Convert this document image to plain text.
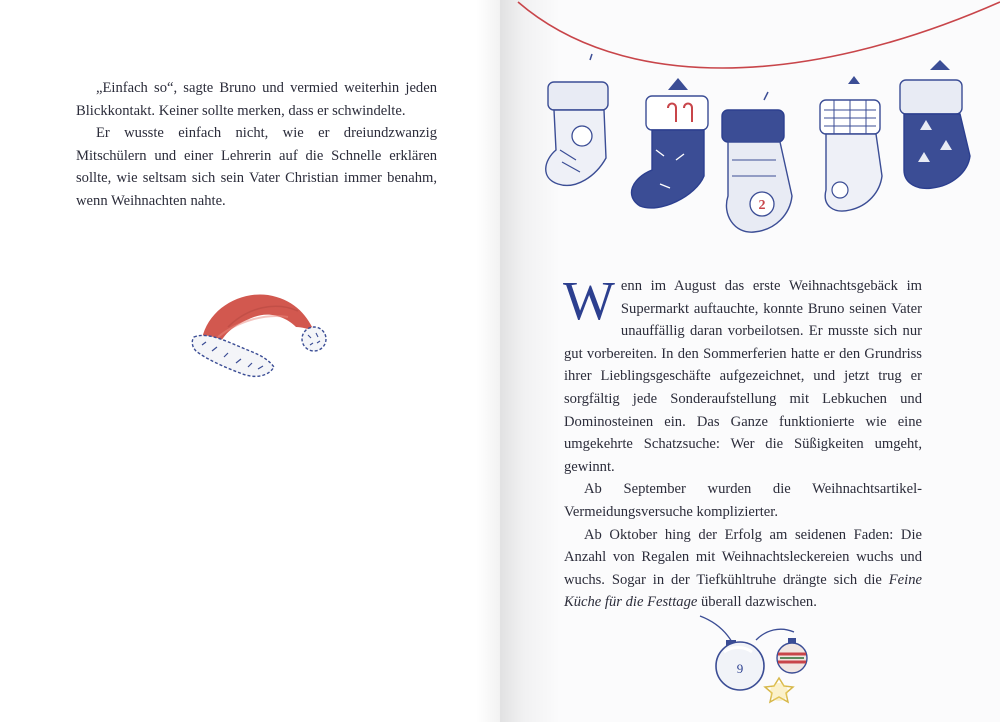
„Einfach so“, sagte Bruno und vermied weiterhin jeden Blickkontakt. Keiner sollte merken, dass er schwindelte.

Er wusste einfach nicht, wie er dreiundzwanzig Mitschülern und einer Lehrerin auf die Schnelle erklären sollte, wie seltsam sich sein Vater Christian immer benahm, wenn Weihnachten nahte.	2

Wenn im August das erste Weihnachtsgebäck im Supermarkt auftauchte, konnte Bruno seinen Vater unauffällig daran vorbeilotsen. Er musste sich nur gut vorbereiten. In den Sommerferien hatte er den Grundriss ihrer Lieblingsgeschäfte aufgezeichnet, und jetzt trug er sorgfältig jede Sonderaufstellung mit Lebkuchen und Dominosteinen ein. Das Ganze funktionierte wie eine umgekehrte Schatzsuche: Wer die Süßigkeiten umgeht, gewinnt.

Ab September wurden die Weihnachtsartikel-Vermeidungsversuche komplizierter.

Ab Oktober hing der Erfolg am seidenen Faden: Die Anzahl von Regalen mit Weihnachtsleckereien wuchs und wuchs. Sogar in der Tiefkühltruhe drängte sich die Feine Küche für die Festtage überall dazwischen.

9
